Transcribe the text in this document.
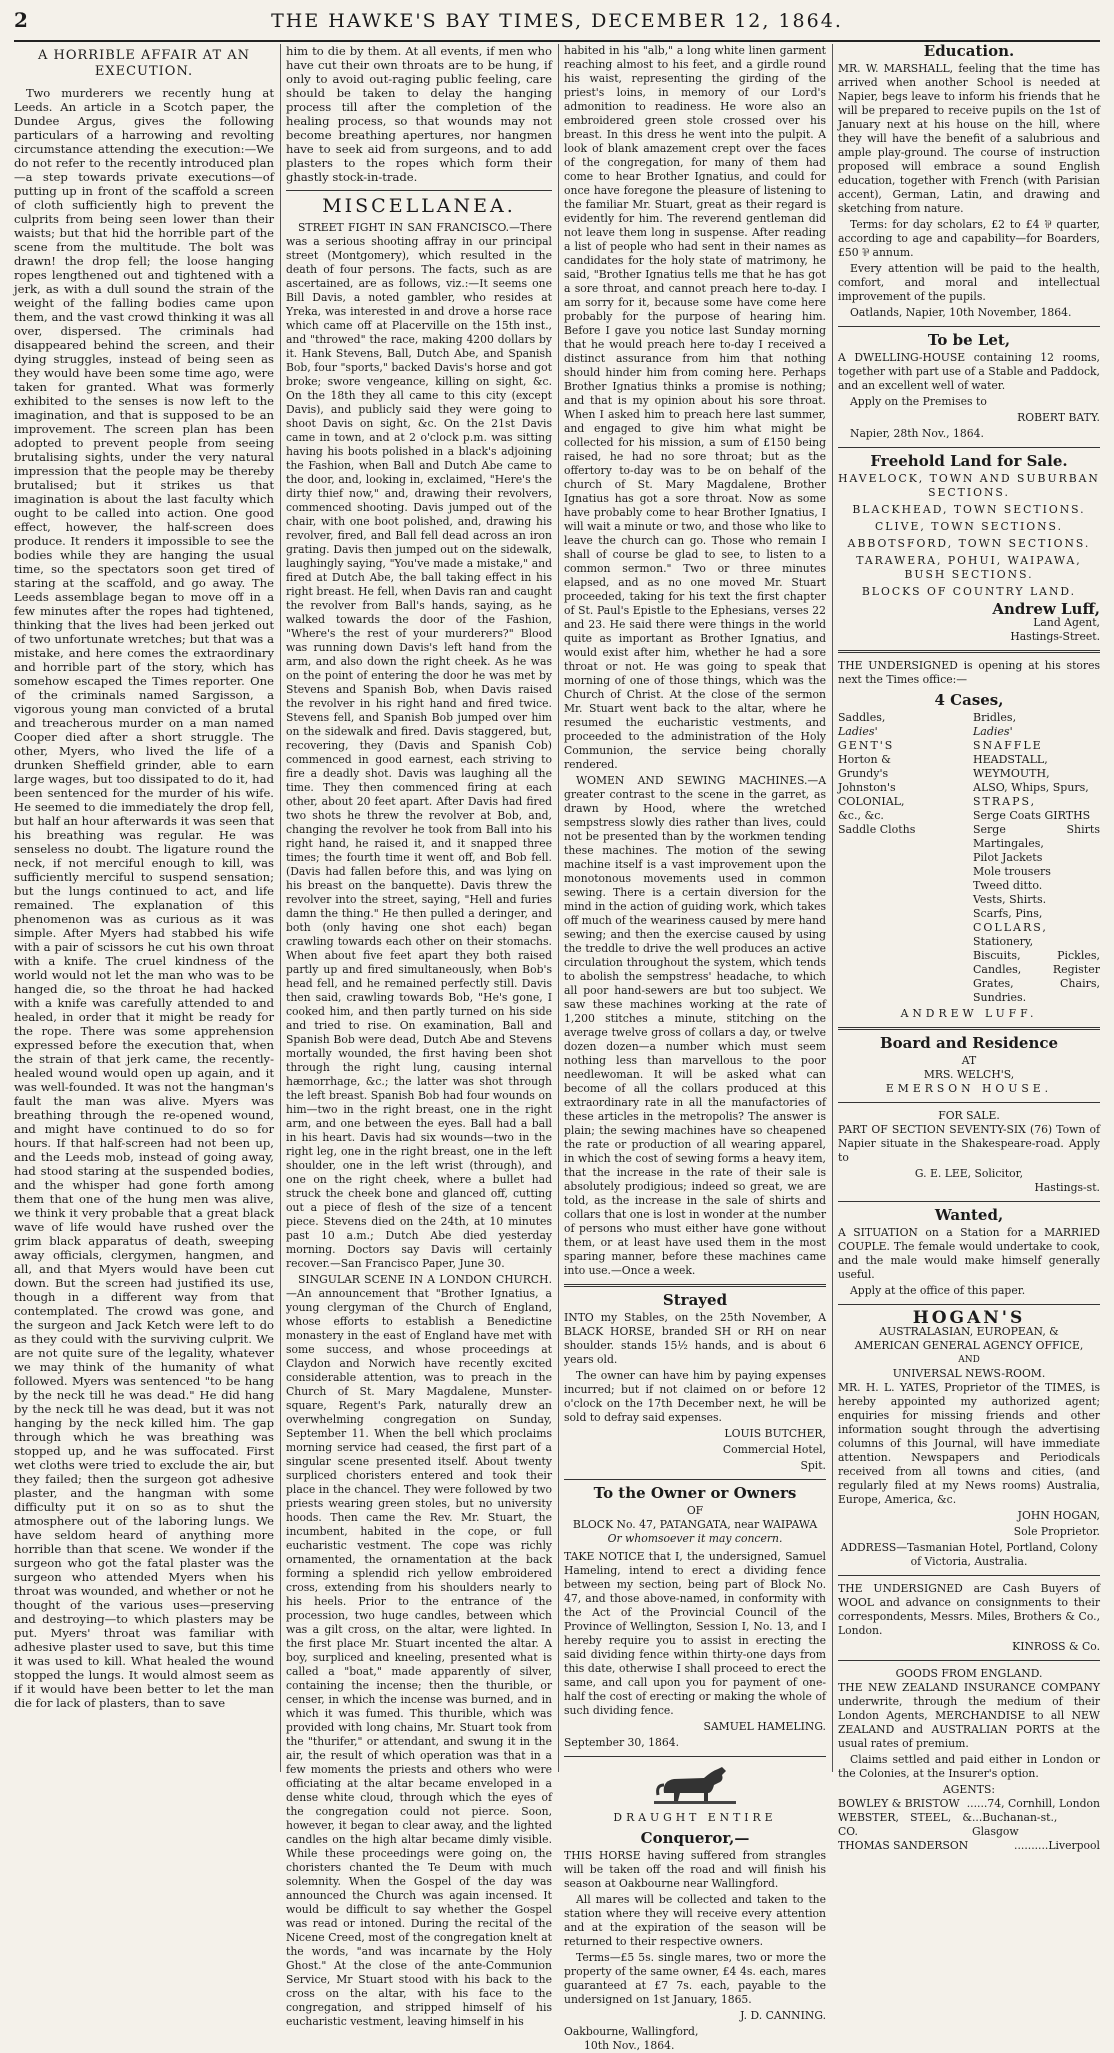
2	THE HAWKE'S BAY TIMES, DECEMBER 12, 1864.
A HORRIBLE AFFAIR AT AN EXECUTION.

Two murderers we recently hung at Leeds. An article in a Scotch paper, the Dundee Argus, gives the following particulars of a harrowing and revolting circumstance attending the execution:—We do not refer to the recently introduced plan—a step towards private executions—of putting up in front of the scaffold a screen of cloth sufficiently high to prevent the culprits from being seen lower than their waists; but that hid the horrible part of the scene from the multitude. The bolt was drawn! the drop fell; the loose hanging ropes lengthened out and tightened with a jerk, as with a dull sound the strain of the weight of the falling bodies came upon them, and the vast crowd thinking it was all over, dispersed. The criminals had disappeared behind the screen, and their dying struggles, instead of being seen as they would have been some time ago, were taken for granted. What was formerly exhibited to the senses is now left to the imagination, and that is supposed to be an improvement. The screen plan has been adopted to prevent people from seeing brutalising sights, under the very natural impression that the people may be thereby brutalised; but it strikes us that imagination is about the last faculty which ought to be called into action. One good effect, however, the half-screen does produce. It renders it impossible to see the bodies while they are hanging the usual time, so the spectators soon get tired of staring at the scaffold, and go away. The Leeds assemblage began to move off in a few minutes after the ropes had tightened, thinking that the lives had been jerked out of two unfortunate wretches; but that was a mistake, and here comes the extraordinary and horrible part of the story, which has somehow escaped the Times reporter. One of the criminals named Sargisson, a vigorous young man convicted of a brutal and treacherous murder on a man named Cooper died after a short struggle. The other, Myers, who lived the life of a drunken Sheffield grinder, able to earn large wages, but too dissipated to do it, had been sentenced for the murder of his wife. He seemed to die immediately the drop fell, but half an hour afterwards it was seen that his breathing was regular. He was senseless no doubt. The ligature round the neck, if not merciful enough to kill, was sufficiently merciful to suspend sensation; but the lungs continued to act, and life remained. The explanation of this phenomenon was as curious as it was simple. After Myers had stabbed his wife with a pair of scissors he cut his own throat with a knife. The cruel kindness of the world would not let the man who was to be hanged die, so the throat he had hacked with a knife was carefully attended to and healed, in order that it might be ready for the rope. There was some apprehension expressed before the execution that, when the strain of that jerk came, the recently-healed wound would open up again, and it was well-founded. It was not the hangman's fault the man was alive. Myers was breathing through the re-opened wound, and might have continued to do so for hours. If that half-screen had not been up, and the Leeds mob, instead of going away, had stood staring at the suspended bodies, and the whisper had gone forth among them that one of the hung men was alive, we think it very probable that a great black wave of life would have rushed over the grim black apparatus of death, sweeping away officials, clergymen, hangmen, and all, and that Myers would have been cut down. But the screen had justified its use, though in a different way from that contemplated. The crowd was gone, and the surgeon and Jack Ketch were left to do as they could with the surviving culprit. We are not quite sure of the legality, whatever we may think of the humanity of what followed. Myers was sentenced "to be hang by the neck till he was dead." He did hang by the neck till he was dead, but it was not hanging by the neck killed him. The gap through which he was breathing was stopped up, and he was suffocated. First wet cloths were tried to exclude the air, but they failed; then the surgeon got adhesive plaster, and the hangman with some difficulty put it on so as to shut the atmosphere out of the laboring lungs. We have seldom heard of anything more horrible than that scene. We wonder if the surgeon who got the fatal plaster was the surgeon who attended Myers when his throat was wounded, and whether or not he thought of the various uses—preserving and destroying—to which plasters may be put. Myers' throat was familiar with adhesive plaster used to save, but this time it was used to kill. What healed the wound stopped the lungs. It would almost seem as if it would have been better to let the man die for lack of plasters, than to save

him to die by them. At all events, if men who have cut their own throats are to be hung, if only to avoid out-raging public feeling, care should be taken to delay the hanging process till after the completion of the healing process, so that wounds may not become breathing apertures, nor hangmen have to seek aid from surgeons, and to add plasters to the ropes which form their ghastly stock-in-trade.

MISCELLANEA.

STREET FIGHT IN SAN FRANCISCO.—There was a serious shooting affray in our principal street (Montgomery), which resulted in the death of four persons. The facts, such as are ascertained, are as follows, viz.:—It seems one Bill Davis, a noted gambler, who resides at Yreka, was interested in and drove a horse race which came off at Placerville on the 15th inst., and "throwed" the race, making 4200 dollars by it. Hank Stevens, Ball, Dutch Abe, and Spanish Bob, four "sports," backed Davis's horse and got broke; swore vengeance, killing on sight, &c. On the 18th they all came to this city (except Davis), and publicly said they were going to shoot Davis on sight, &c. On the 21st Davis came in town, and at 2 o'clock p.m. was sitting having his boots polished in a black's adjoining the Fashion, when Ball and Dutch Abe came to the door, and, looking in, exclaimed, "Here's the dirty thief now," and, drawing their revolvers, commenced shooting. Davis jumped out of the chair, with one boot polished, and, drawing his revolver, fired, and Ball fell dead across an iron grating. Davis then jumped out on the sidewalk, laughingly saying, "You've made a mistake," and fired at Dutch Abe, the ball taking effect in his right breast. He fell, when Davis ran and caught the revolver from Ball's hands, saying, as he walked towards the door of the Fashion, "Where's the rest of your murderers?" Blood was running down Davis's left hand from the arm, and also down the right cheek. As he was on the point of entering the door he was met by Stevens and Spanish Bob, when Davis raised the revolver in his right hand and fired twice. Stevens fell, and Spanish Bob jumped over him on the sidewalk and fired. Davis staggered, but, recovering, they (Davis and Spanish Cob) commenced in good earnest, each striving to fire a deadly shot. Davis was laughing all the time. They then commenced firing at each other, about 20 feet apart. After Davis had fired two shots he threw the revolver at Bob, and, changing the revolver he took from Ball into his right hand, he raised it, and it snapped three times; the fourth time it went off, and Bob fell. (Davis had fallen before this, and was lying on his breast on the banquette). Davis threw the revolver into the street, saying, "Hell and furies damn the thing." He then pulled a deringer, and both (only having one shot each) began crawling towards each other on their stomachs. When about five feet apart they both raised partly up and fired simultaneously, when Bob's head fell, and he remained perfectly still. Davis then said, crawling towards Bob, "He's gone, I cooked him, and then partly turned on his side and tried to rise. On examination, Ball and Spanish Bob were dead, Dutch Abe and Stevens mortally wounded, the first having been shot through the right lung, causing internal hæmorrhage, &c.; the latter was shot through the left breast. Spanish Bob had four wounds on him—two in the right breast, one in the right arm, and one between the eyes. Ball had a ball in his heart. Davis had six wounds—two in the right leg, one in the right breast, one in the left shoulder, one in the left wrist (through), and one on the right cheek, where a bullet had struck the cheek bone and glanced off, cutting out a piece of flesh of the size of a tencent piece. Stevens died on the 24th, at 10 minutes past 10 a.m.; Dutch Abe died yesterday morning. Doctors say Davis will certainly recover.—San Francisco Paper, June 30.

SINGULAR SCENE IN A LONDON CHURCH.—An announcement that "Brother Ignatius, a young clergyman of the Church of England, whose efforts to establish a Benedictine monastery in the east of England have met with some success, and whose proceedings at Claydon and Norwich have recently excited considerable attention, was to preach in the Church of St. Mary Magdalene, Munster-square, Regent's Park, naturally drew an overwhelming congregation on Sunday, September 11. When the bell which proclaims morning service had ceased, the first part of a singular scene presented itself. About twenty surpliced choristers entered and took their place in the chancel. They were followed by two priests wearing green stoles, but no university hoods. Then came the Rev. Mr. Stuart, the incumbent, habited in the cope, or full eucharistic vestment. The cope was richly ornamented, the ornamentation at the back forming a splendid rich yellow embroidered cross, extending from his shoulders nearly to his heels. Prior to the entrance of the procession, two huge candles, between which was a gilt cross, on the altar, were lighted. In the first place Mr. Stuart incented the altar. A boy, surpliced and kneeling, presented what is called a "boat," made apparently of silver, containing the incense; then the thurible, or censer, in which the incense was burned, and in which it was fumed. This thurible, which was provided with long chains, Mr. Stuart took from the "thurifer," or attendant, and swung it in the air, the result of which operation was that in a few moments the priests and others who were officiating at the altar became enveloped in a dense white cloud, through which the eyes of the congregation could not pierce. Soon, however, it began to clear away, and the lighted candles on the high altar became dimly visible. While these proceedings were going on, the choristers chanted the Te Deum with much solemnity. When the Gospel of the day was announced the Church was again incensed. It would be difficult to say whether the Gospel was read or intoned. During the recital of the Nicene Creed, most of the congregation knelt at the words, "and was incarnate by the Holy Ghost." At the close of the ante-Communion Service, Mr Stuart stood with his back to the cross on the altar, with his face to the congregation, and stripped himself of his eucharistic vestment, leaving himself in his

habited in his "alb," a long white linen garment reaching almost to his feet, and a girdle round his waist, representing the girding of the priest's loins, in memory of our Lord's admonition to readiness. He wore also an embroidered green stole crossed over his breast. In this dress he went into the pulpit. A look of blank amazement crept over the faces of the congregation, for many of them had come to hear Brother Ignatius, and could for once have foregone the pleasure of listening to the familiar Mr. Stuart, great as their regard is evidently for him. The reverend gentleman did not leave them long in suspense. After reading a list of people who had sent in their names as candidates for the holy state of matrimony, he said, "Brother Ignatius tells me that he has got a sore throat, and cannot preach here to-day. I am sorry for it, because some have come here probably for the purpose of hearing him. Before I gave you notice last Sunday morning that he would preach here to-day I received a distinct assurance from him that nothing should hinder him from coming here. Perhaps Brother Ignatius thinks a promise is nothing; and that is my opinion about his sore throat. When I asked him to preach here last summer, and engaged to give him what might be collected for his mission, a sum of £150 being raised, he had no sore throat; but as the offertory to-day was to be on behalf of the church of St. Mary Magdalene, Brother Ignatius has got a sore throat. Now as some have probably come to hear Brother Ignatius, I will wait a minute or two, and those who like to leave the church can go. Those who remain I shall of course be glad to see, to listen to a common sermon." Two or three minutes elapsed, and as no one moved Mr. Stuart proceeded, taking for his text the first chapter of St. Paul's Epistle to the Ephesians, verses 22 and 23. He said there were things in the world quite as important as Brother Ignatius, and would exist after him, whether he had a sore throat or not. He was going to speak that morning of one of those things, which was the Church of Christ. At the close of the sermon Mr. Stuart went back to the altar, where he resumed the eucharistic vestments, and proceeded to the administration of the Holy Communion, the service being chorally rendered.

WOMEN AND SEWING MACHINES.—A greater contrast to the scene in the garret, as drawn by Hood, where the wretched sempstress slowly dies rather than lives, could not be presented than by the workmen tending these machines. The motion of the sewing machine itself is a vast improvement upon the monotonous movements used in common sewing. There is a certain diversion for the mind in the action of guiding work, which takes off much of the weariness caused by mere hand sewing; and then the exercise caused by using the treddle to drive the well produces an active circulation throughout the system, which tends to abolish the sempstress' headache, to which all poor hand-sewers are but too subject. We saw these machines working at the rate of 1,200 stitches a minute, stitching on the average twelve gross of collars a day, or twelve dozen dozen—a number which must seem nothing less than marvellous to the poor needlewoman. It will be asked what can become of all the collars produced at this extraordinary rate in all the manufactories of these articles in the metropolis? The answer is plain; the sewing machines have so cheapened the rate or production of all wearing apparel, in which the cost of sewing forms a heavy item, that the increase in the rate of their sale is absolutely prodigious; indeed so great, we are told, as the increase in the sale of shirts and collars that one is lost in wonder at the number of persons who must either have gone without them, or at least have used them in the most sparing manner, before these machines came into use.—Once a week.

Strayed

INTO my Stables, on the 25th November, A BLACK HORSE, branded SH or RH on near shoulder. stands 15½ hands, and is about 6 years old.

The owner can have him by paying expenses incurred; but if not claimed on or before 12 o'clock on the 17th December next, he will be sold to defray said expenses.

LOUIS BUTCHER,
Commercial Hotel,
Spit.
To the Owner or Owners
OF
BLOCK No. 47, PATANGATA, near WAIPAWA
Or whomsoever it may concern.

TAKE NOTICE that I, the undersigned, Samuel Hameling, intend to erect a dividing fence between my section, being part of Block No. 47, and those above-named, in conformity with the Act of the Provincial Council of the Province of Wellington, Session I, No. 13, and I hereby require you to assist in erecting the said dividing fence within thirty-one days from this date, otherwise I shall proceed to erect the same, and call upon you for payment of one-half the cost of erecting or making the whole of such dividing fence.

SAMUEL HAMELING.
September 30, 1864.
DRAUGHT ENTIRE
Conqueror,—

THIS HORSE having suffered from strangles will be taken off the road and will finish his season at Oakbourne near Wallingford.

All mares will be collected and taken to the station where they will receive every attention and at the expiration of the season will be returned to their respective owners.

Terms—£5 5s. single mares, two or more the property of the same owner, £4 4s. each, mares guaranteed at £7 7s. each, payable to the undersigned on 1st January, 1865.

J. D. CANNING.
Oakbourne, Wallingford,
10th Nov., 1864.
Education.

MR. W. MARSHALL, feeling that the time has arrived when another School is needed at Napier, begs leave to inform his friends that he will be prepared to receive pupils on the 1st of January next at his house on the hill, where they will have the benefit of a salubrious and ample play-ground. The course of instruction proposed will embrace a sound English education, together with French (with Parisian accent), German, Latin, and drawing and sketching from nature.

Terms: for day scholars, £2 to £4 ⅌ quarter, according to age and capability—for Boarders, £50 ⅌ annum.

Every attention will be paid to the health, comfort, and moral and intellectual improvement of the pupils.

Oatlands, Napier, 10th November, 1864.
To be Let,

A DWELLING-HOUSE containing 12 rooms, together with part use of a Stable and Paddock, and an excellent well of water.

Apply on the Premises to
ROBERT BATY.
Napier, 28th Nov., 1864.
Freehold Land for Sale.
HAVELOCK, TOWN AND SUBURBAN SECTIONS.
BLACKHEAD, TOWN SECTIONS.
CLIVE, TOWN SECTIONS.
ABBOTSFORD, TOWN SECTIONS.
TARAWERA, POHUI, WAIPAWA, BUSH SECTIONS.
BLOCKS OF COUNTRY LAND.
Andrew Luff,
Land Agent,
Hastings-Street.

THE UNDERSIGNED is opening at his stores next the Times office:—

4 Cases,
Saddles,
Ladies'
GENT'S
Horton &
Grundy's
Johnston's
COLONIAL,
&c., &c.
Saddle Cloths
Bridles,
Ladies'
SNAFFLE
HEADSTALL,
WEYMOUTH,
ALSO, Whips, Spurs,
STRAPS,
Serge Coats GIRTHS
Serge Shirts Martingales,
Pilot Jackets
Mole trousers
Tweed ditto.
Vests, Shirts.
Scarfs, Pins,
COLLARS,
Stationery,
Biscuits, Pickles, Candles, Register Grates, Chairs, Sundries.
ANDREW LUFF.
Board and Residence
AT
MRS. WELCH'S,
EMERSON HOUSE.
FOR SALE.

PART OF SECTION SEVENTY-SIX (76) Town of Napier situate in the Shakespeare-road. Apply to

G. E. LEE, Solicitor,
Hastings-st.
Wanted,

A SITUATION on a Station for a MARRIED COUPLE. The female would undertake to cook, and the male would make himself generally useful.

Apply at the office of this paper.
HOGAN'S
AUSTRALASIAN, EUROPEAN, &
AMERICAN GENERAL AGENCY OFFICE,
AND
UNIVERSAL NEWS-ROOM.

MR. H. L. YATES, Proprietor of the TIMES, is hereby appointed my authorized agent; enquiries for missing friends and other information sought through the advertising columns of this Journal, will have immediate attention. Newspapers and Periodicals received from all towns and cities, (and regularly filed at my News rooms) Australia, Europe, America, &c.

JOHN HOGAN,
Sole Proprietor.
ADDRESS—Tasmanian Hotel, Portland, Colony of Victoria, Australia.

THE UNDERSIGNED are Cash Buyers of WOOL and advance on consignments to their correspondents, Messrs. Miles, Brothers & Co., London.

KINROSS & Co.
GOODS FROM ENGLAND.

THE NEW ZEALAND INSURANCE COMPANY underwrite, through the medium of their London Agents, MERCHANDISE to all NEW ZEALAND and AUSTRALIAN PORTS at the usual rates of premium.

Claims settled and paid either in London or the Colonies, at the Insurer's option.

AGENTS:
BOWLEY & BRISTOW ......74, Cornhill, London
WEBSTER, STEEL, & CO.
...Buchanan-st., Glasgow
THOMAS SANDERSON	..........Liverpool
